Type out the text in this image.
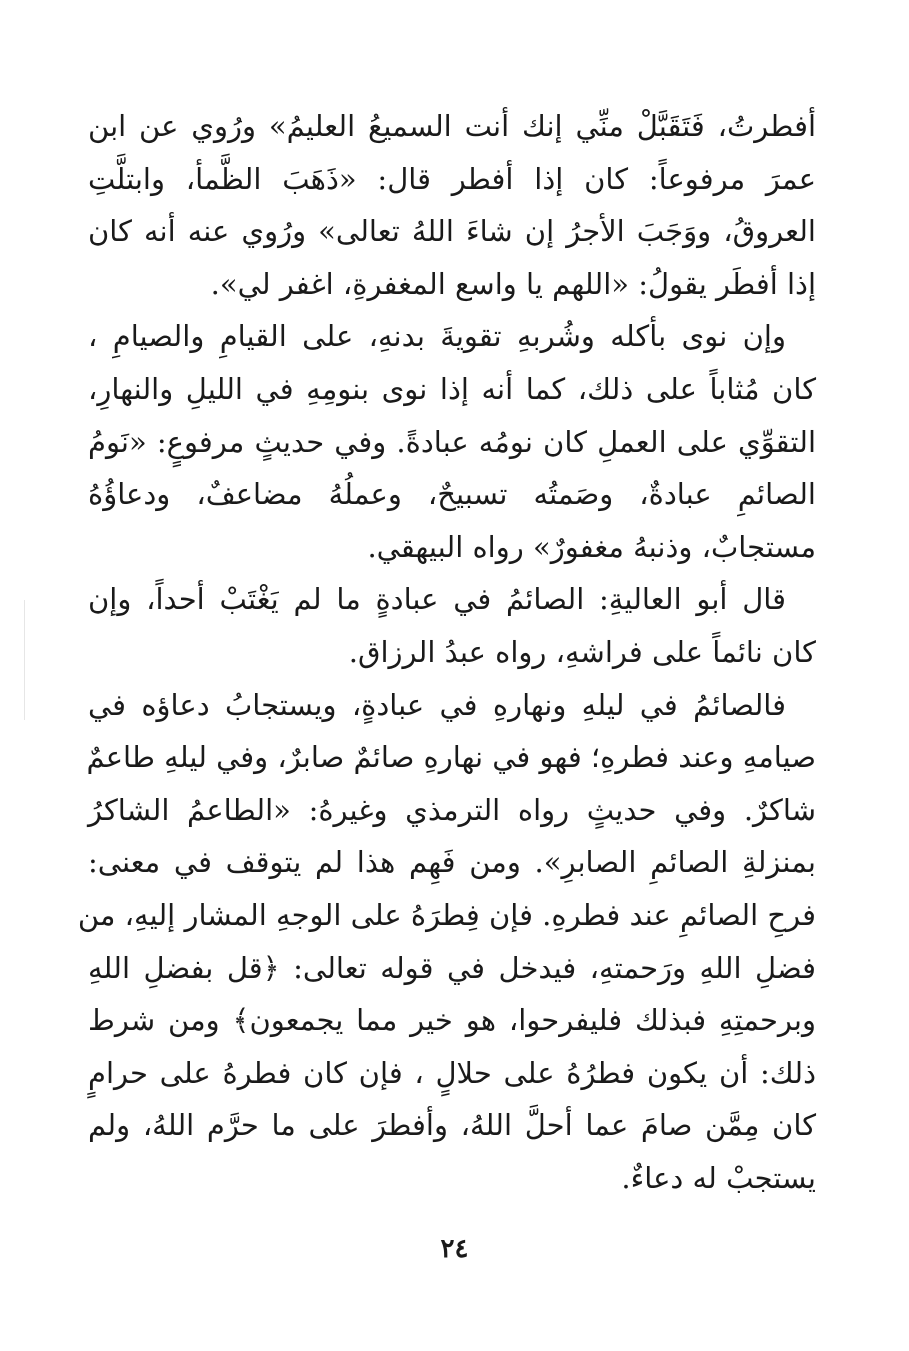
أفطرتُ، فَتَقَبَّلْ منِّي إنك أنت السميعُ العليمُ» ورُوي عن ابن
عمرَ مرفوعاً: كان إذا أفطر قال: «ذَهَبَ الظَّمأ، وابتلَّتِ
العروقُ، ووَجَبَ الأجرُ إن شاءَ اللهُ تعالى» ورُوي عنه أنه كان
إذا أفطَر يقولُ: «اللهم يا واسع المغفرةِ، اغفر لي».
وإن نوى بأكله وشُربهِ تقويةَ بدنهِ، على القيامِ والصيامِ ،
كان مُثاباً على ذلك، كما أنه إذا نوى بنومِهِ في الليلِ والنهارِ،
التقوِّي على العملِ كان نومُه عبادةً. وفي حديثٍ مرفوعٍ: «نَومُ
الصائمِ عبادةٌ، وصَمتُه تسبيحٌ، وعملُهُ مضاعفٌ، ودعاؤُهُ
مستجابٌ، وذنبهُ مغفورٌ» رواه البيهقي.
قال أبو العاليةِ: الصائمُ في عبادةٍ ما لم يَغْتَبْ أحداً، وإن
كان نائماً على فراشهِ، رواه عبدُ الرزاق.
فالصائمُ في ليلهِ ونهارهِ في عبادةٍ، ويستجابُ دعاؤه في
صيامهِ وعند فطرهِ؛ فهو في نهارهِ صائمٌ صابرٌ، وفي ليلهِ طاعمٌ
شاكرٌ. وفي حديثٍ رواه الترمذي وغيرهُ: «الطاعمُ الشاكرُ
بمنزلةِ الصائمِ الصابرِ». ومن فَهِم هذا لم يتوقف في معنى:
فرحِ الصائمِ عند فطرهِ. فإن فِطرَهُ على الوجهِ المشار إليهِ، من
فضلِ اللهِ ورَحمتهِ، فيدخل في قوله تعالى: ﴿قل بفضلِ اللهِ
وبرحمتِهِ فبذلك فليفرحوا، هو خير مما يجمعون﴾ ومن شرط
ذلك: أن يكون فطرُهُ على حلالٍ ، فإن كان فطرهُ على حرامٍ
كان مِمَّن صامَ عما أحلَّ اللهُ، وأفطرَ على ما حرَّم اللهُ، ولم
يستجبْ له دعاءٌ.
٢٤
